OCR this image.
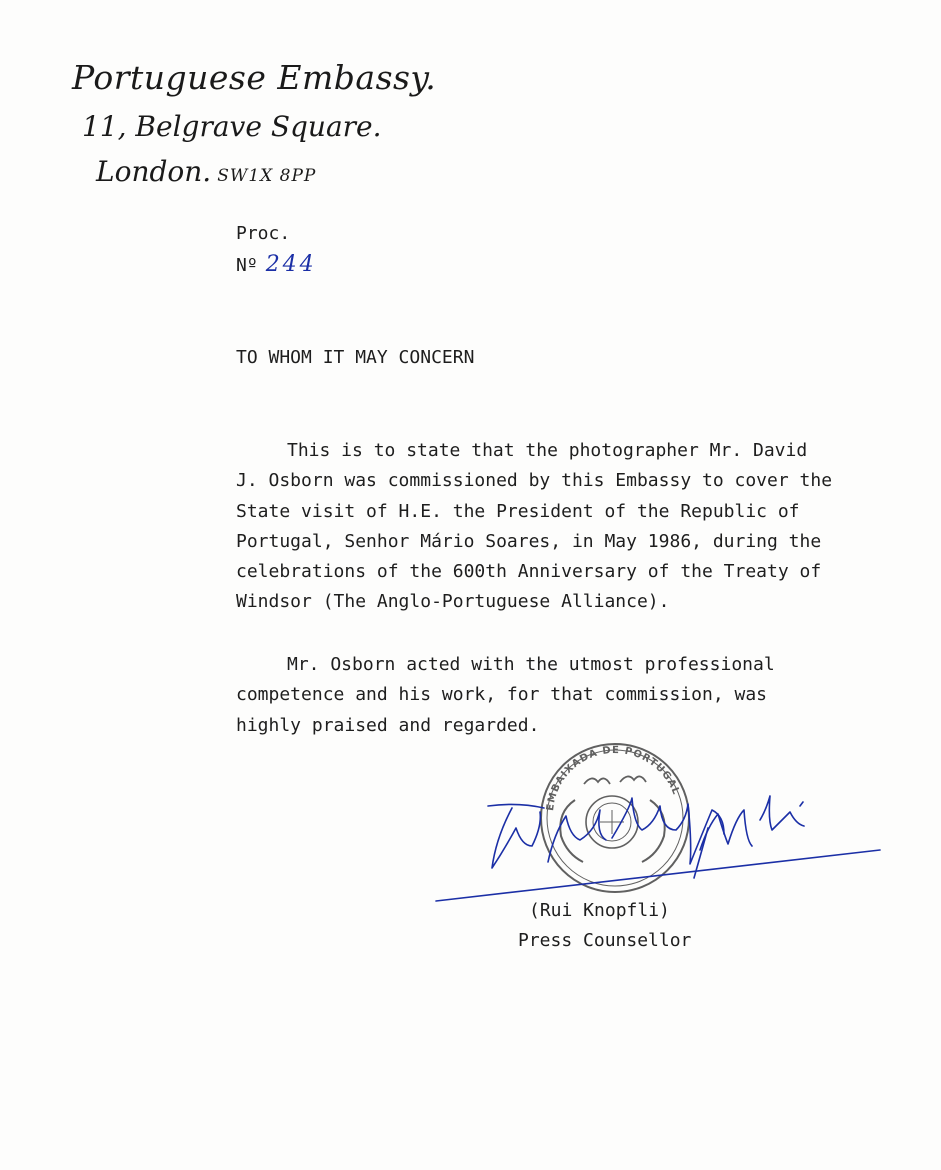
Portuguese Embassy.
11, Belgrave Square.
London. SW1X 8PP
Proc.
Nº 244
TO WHOM IT MAY CONCERN
This is to state that the photographer Mr. David
J. Osborn was commissioned by this Embassy to cover the
State visit of H.E. the President of the Republic of
Portugal, Senhor Mário Soares, in May 1986, during the
celebrations of the 600th Anniversary of the Treaty of
Windsor (The Anglo-Portuguese Alliance).
Mr. Osborn acted with the utmost professional
competence and his work, for that commission, was
highly praised and regarded.
EMBAIXADA DE PORTUGAL
(Rui Knopfli)
Press Counsellor
